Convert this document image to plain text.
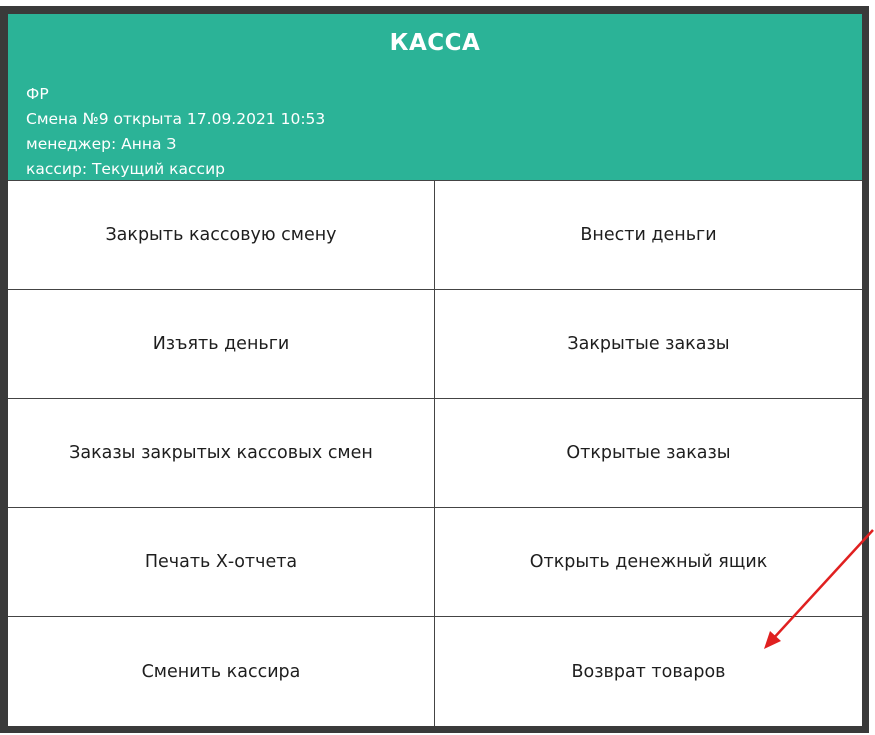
КАССА
ФР
Смена №9 открыта 17.09.2021 10:53
менеджер: Анна З
кассир: Текущий кассир
Закрыть кассовую смену	Внести деньги
Изъять деньги	Закрытые заказы
Заказы закрытых кассовых смен	Открытые заказы
Печать Х-отчета	Открыть денежный ящик
Сменить кассира	Возврат товаров
